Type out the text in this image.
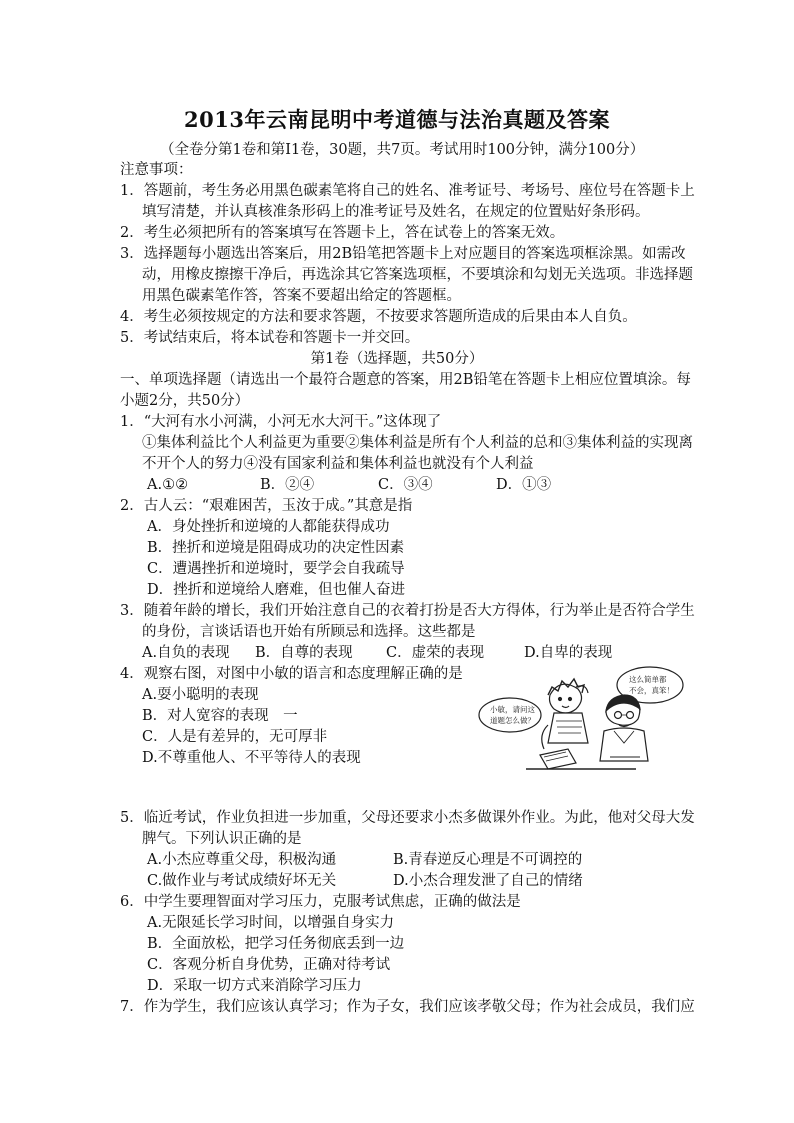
2013年云南昆明中考道德与法治真题及答案
（全卷分第1卷和第I1卷，30题，共7页。考试用时100分钟，满分100分）
注意事项：
1．答题前，考生务必用黑色碳素笔将自己的姓名、准考证号、考场号、座位号在答题卡上
填写清楚，并认真核准条形码上的准考证号及姓名，在规定的位置贴好条形码。
2．考生必须把所有的答案填写在答题卡上，答在试卷上的答案无效。
3．选择题每小题选出答案后，用2B铅笔把答题卡上对应题目的答案选项框涂黑。如需改
动，用橡皮擦擦干净后，再选涂其它答案选项框，不要填涂和勾划无关选项。非选择题
用黑色碳素笔作答，答案不要超出给定的答题框。
4．考生必须按规定的方法和要求答题，不按要求答题所造成的后果由本人自负。
5．考试结束后，将本试卷和答题卡一并交回。
第1卷（选择题，共50分）
一、单项选择题（请选出一个最符合题意的答案，用2B铅笔在答题卡上相应位置填涂。每
小题2分，共50分）
1．“大河有水小河满，小河无水大河干。”这体现了
①集体利益比个人利益更为重要②集体利益是所有个人利益的总和③集体利益的实现离
不开个人的努力④没有国家利益和集体利益也就没有个人利益
A.①②	B．②④	C．③④	D．①③
2．古人云：“艰难困苦，玉汝于成。”其意是指
A．身处挫折和逆境的人都能获得成功
B．挫折和逆境是阻碍成功的决定性因素
C．遭遇挫折和逆境时，要学会自我疏导
D．挫折和逆境给人磨难，但也催人奋进
3．随着年龄的增长，我们开始注意自己的衣着打扮是否大方得体，行为举止是否符合学生
的身份，言谈话语也开始有所顾忌和选择。这些都是
A.自负的表现 B．自尊的表现 C．虚荣的表现	D.自卑的表现
4．观察右图，对图中小敏的语言和态度理解正确的是
A.耍小聪明的表现
B．对人宽容的表现　一
C．人是有差异的，无可厚非
D.不尊重他人、不平等待人的表现
小敏，请问这
道题怎么做？
这么简单都
不会，真笨！
5．临近考试，作业负担进一步加重，父母还要求小杰多做课外作业。为此，他对父母大发
脾气。下列认识正确的是
A.小杰应尊重父母，积极沟通	B.青春逆反心理是不可调控的
C.做作业与考试成绩好坏无关	D.小杰合理发泄了自己的情绪
6．中学生要理智面对学习压力，克服考试焦虑，正确的做法是
A.无限延长学习时间，以增强自身实力
B．全面放松，把学习任务彻底丢到一边
C．客观分析自身优势，正确对待考试
D．采取一切方式来消除学习压力
7．作为学生，我们应该认真学习；作为子女，我们应该孝敬父母；作为社会成员，我们应
